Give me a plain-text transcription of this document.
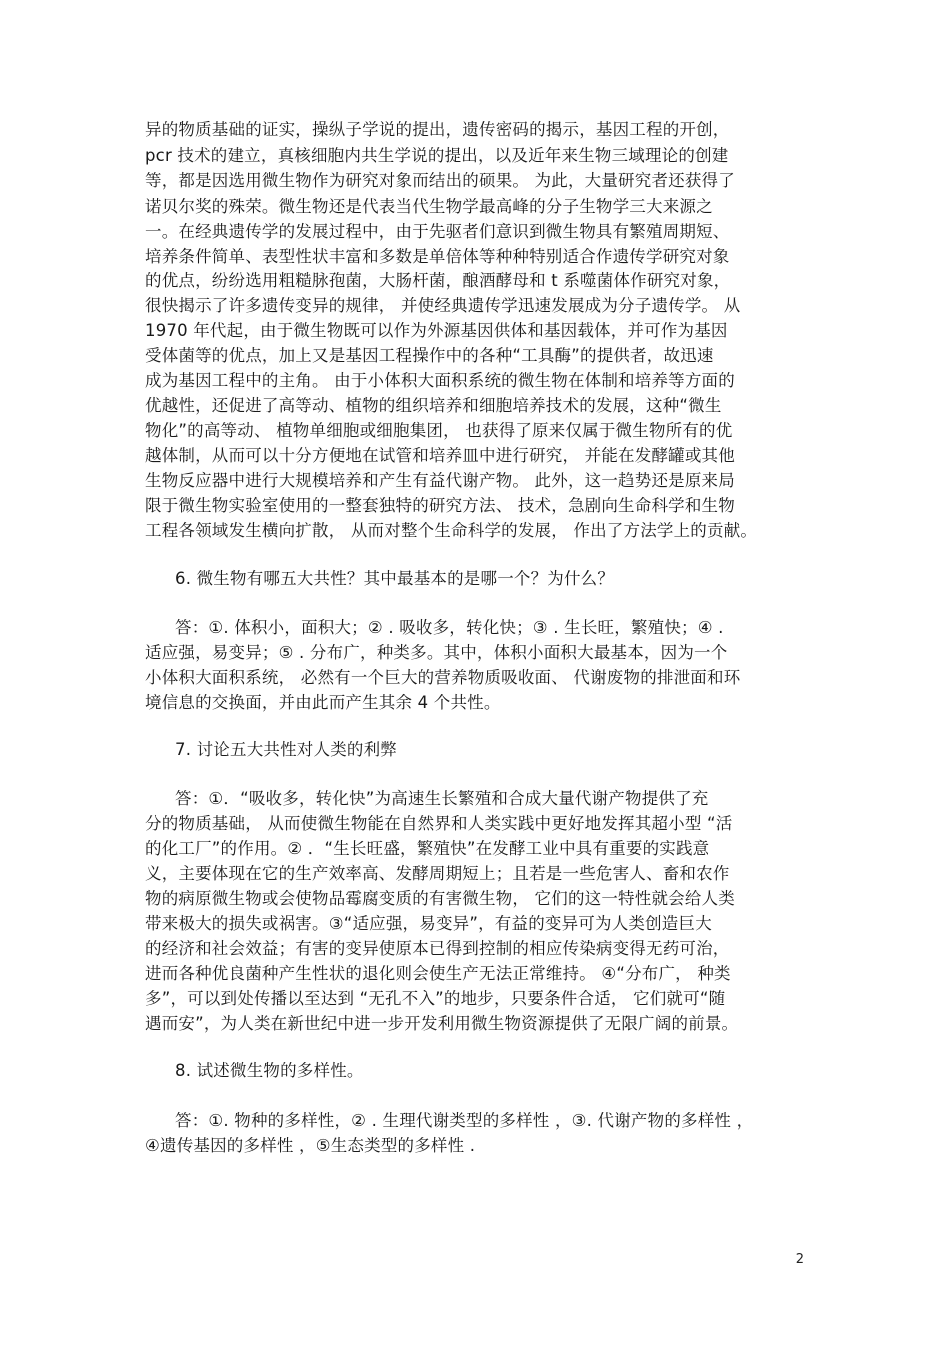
异的物质基础的证实，操纵子学说的提出，遗传密码的揭示，基因工程的开创，
pcr 技术的建立，真核细胞内共生学说的提出，以及近年来生物三域理论的创建
等，都是因选用微生物作为研究对象而结出的硕果。 为此，大量研究者还获得了
诺贝尔奖的殊荣。微生物还是代表当代生物学最高峰的分子生物学三大来源之
一。在经典遗传学的发展过程中，由于先驱者们意识到微生物具有繁殖周期短、
培养条件简单、表型性状丰富和多数是单倍体等种种特别适合作遗传学研究对象
的优点，纷纷选用粗糙脉孢菌，大肠杆菌，酿酒酵母和 t 系噬菌体作研究对象，
很快揭示了许多遗传变异的规律， 并使经典遗传学迅速发展成为分子遗传学。 从
1970 年代起，由于微生物既可以作为外源基因供体和基因载体，并可作为基因
受体菌等的优点，加上又是基因工程操作中的各种“工具酶”的提供者，故迅速
成为基因工程中的主角。 由于小体积大面积系统的微生物在体制和培养等方面的
优越性，还促进了高等动、植物的组织培养和细胞培养技术的发展，这种“微生
物化”的高等动、 植物单细胞或细胞集团， 也获得了原来仅属于微生物所有的优
越体制，从而可以十分方便地在试管和培养皿中进行研究， 并能在发酵罐或其他
生物反应器中进行大规模培养和产生有益代谢产物。 此外，这一趋势还是原来局
限于微生物实验室使用的一整套独特的研究方法、 技术，急剧向生命科学和生物
工程各领域发生横向扩散， 从而对整个生命科学的发展， 作出了方法学上的贡献。
6. 微生物有哪五大共性？其中最基本的是哪一个？为什么？
答：①. 体积小，面积大；② . 吸收多，转化快；③ . 生长旺，繁殖快；④ .
适应强，易变异；⑤ . 分布广，种类多。其中，体积小面积大最基本，因为一个
小体积大面积系统， 必然有一个巨大的营养物质吸收面、 代谢废物的排泄面和环
境信息的交换面，并由此而产生其余 4 个共性。
7. 讨论五大共性对人类的利弊
答：①．“吸收多，转化快”为高速生长繁殖和合成大量代谢产物提供了充
分的物质基础， 从而使微生物能在自然界和人类实践中更好地发挥其超小型 “活
的化工厂”的作用。② ．“生长旺盛，繁殖快”在发酵工业中具有重要的实践意
义，主要体现在它的生产效率高、发酵周期短上；且若是一些危害人、畜和农作
物的病原微生物或会使物品霉腐变质的有害微生物， 它们的这一特性就会给人类
带来极大的损失或祸害。③“适应强，易变异”，有益的变异可为人类创造巨大
的经济和社会效益；有害的变异使原本已得到控制的相应传染病变得无药可治，
进而各种优良菌种产生性状的退化则会使生产无法正常维持。 ④“分布广， 种类
多”，可以到处传播以至达到 “无孔不入”的地步，只要条件合适， 它们就可“随
遇而安”，为人类在新世纪中进一步开发利用微生物资源提供了无限广阔的前景。
8. 试述微生物的多样性。
答：①. 物种的多样性，② . 生理代谢类型的多样性 ，③. 代谢产物的多样性 ，
④遗传基因的多样性 ，⑤生态类型的多样性 .
2
